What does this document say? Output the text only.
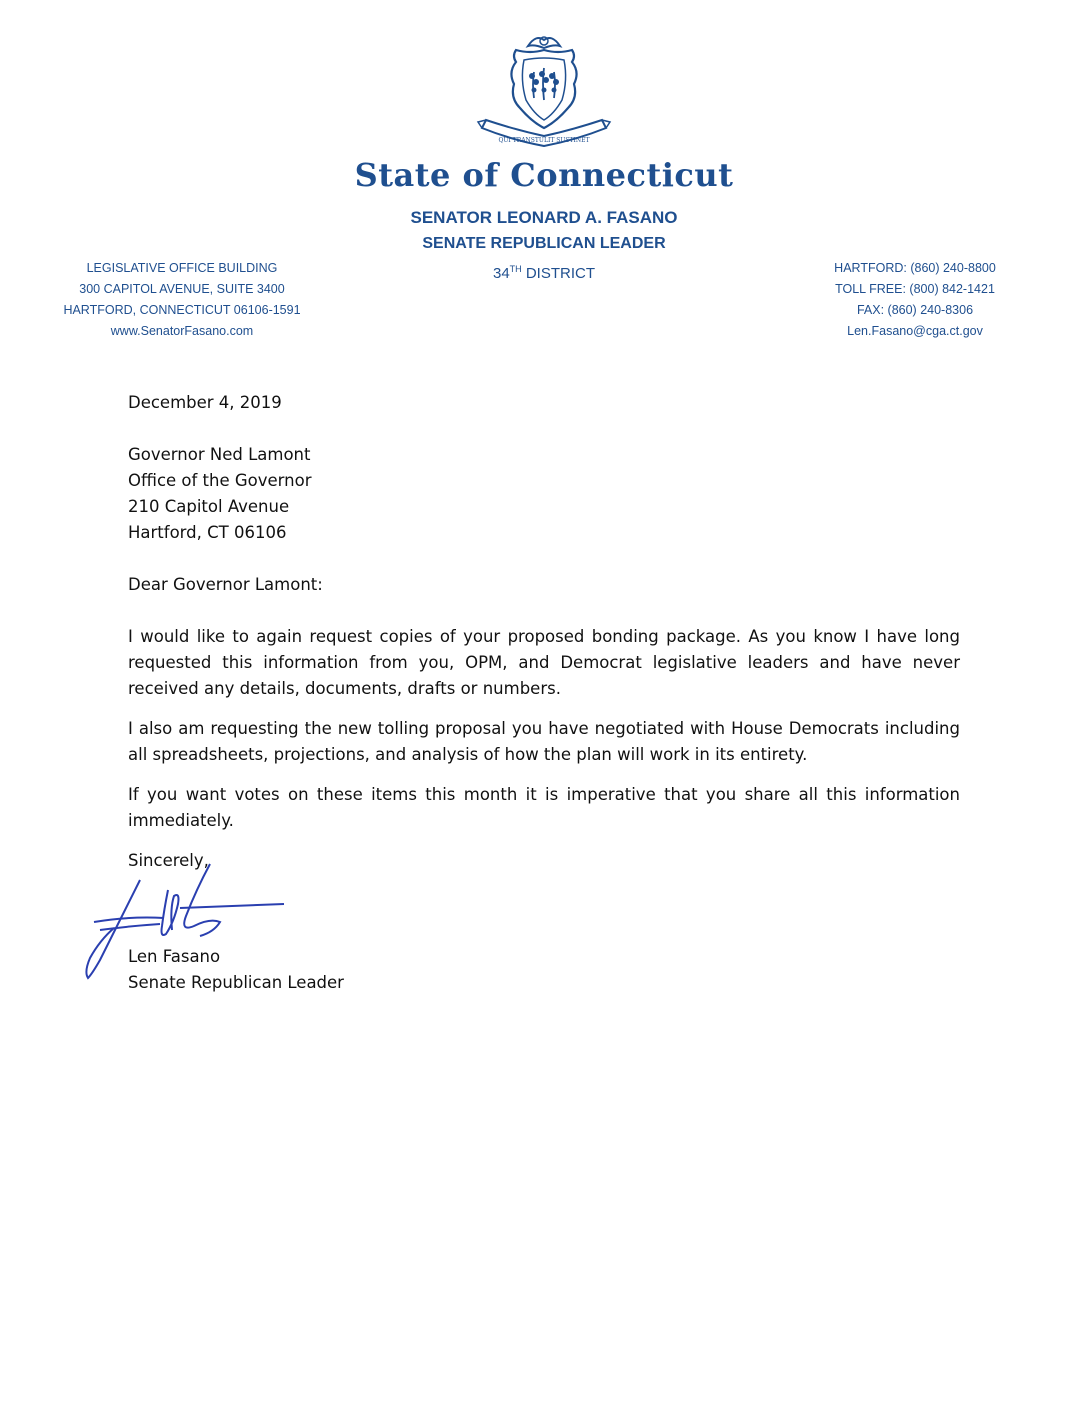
QUI TRANSTULIT SUSTINET
State of Connecticut
SENATOR LEONARD A. FASANO
SENATE REPUBLICAN LEADER
34TH DISTRICT
LEGISLATIVE OFFICE BUILDING
300 CAPITOL AVENUE, SUITE 3400
HARTFORD, CONNECTICUT 06106-1591
www.SenatorFasano.com
HARTFORD: (860) 240-8800
TOLL FREE: (800) 842-1421
FAX: (860) 240-8306
Len.Fasano@cga.ct.gov

December 4, 2019

Governor Ned Lamont
Office of the Governor
210 Capitol Avenue
Hartford, CT 06106

Dear Governor Lamont:

I would like to again request copies of your proposed bonding package. As you know I have long requested this information from you, OPM, and Democrat legislative leaders and have never received any details, documents, drafts or numbers.

I also am requesting the new tolling proposal you have negotiated with House Democrats including all spreadsheets, projections, and analysis of how the plan will work in its entirety.

If you want votes on these items this month it is imperative that you share all this information immediately.

Sincerely,

Len Fasano
Senate Republican Leader
